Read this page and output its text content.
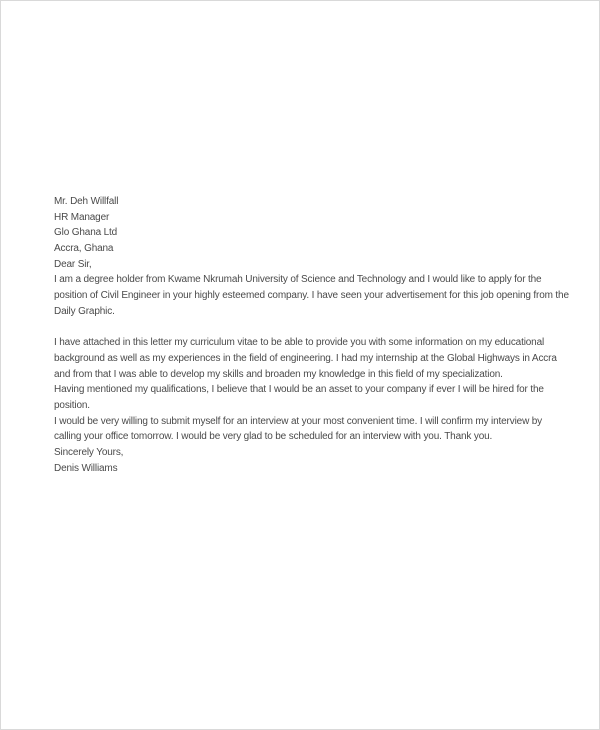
Mr. Deh Willfall
HR Manager
Glo Ghana Ltd
Accra, Ghana
Dear Sir,
I am a degree holder from Kwame Nkrumah University of Science and Technology and I would like to apply for the
position of Civil Engineer in your highly esteemed company. I have seen your advertisement for this job opening from the
Daily Graphic.
I have attached in this letter my curriculum vitae to be able to provide you with some information on my educational
background as well as my experiences in the field of engineering. I had my internship at the Global Highways in Accra
and from that I was able to develop my skills and broaden my knowledge in this field of my specialization.
Having mentioned my qualifications, I believe that I would be an asset to your company if ever I will be hired for the
position.
I would be very willing to submit myself for an interview at your most convenient time. I will confirm my interview by
calling your office tomorrow. I would be very glad to be scheduled for an interview with you. Thank you.
Sincerely Yours,
Denis Williams
